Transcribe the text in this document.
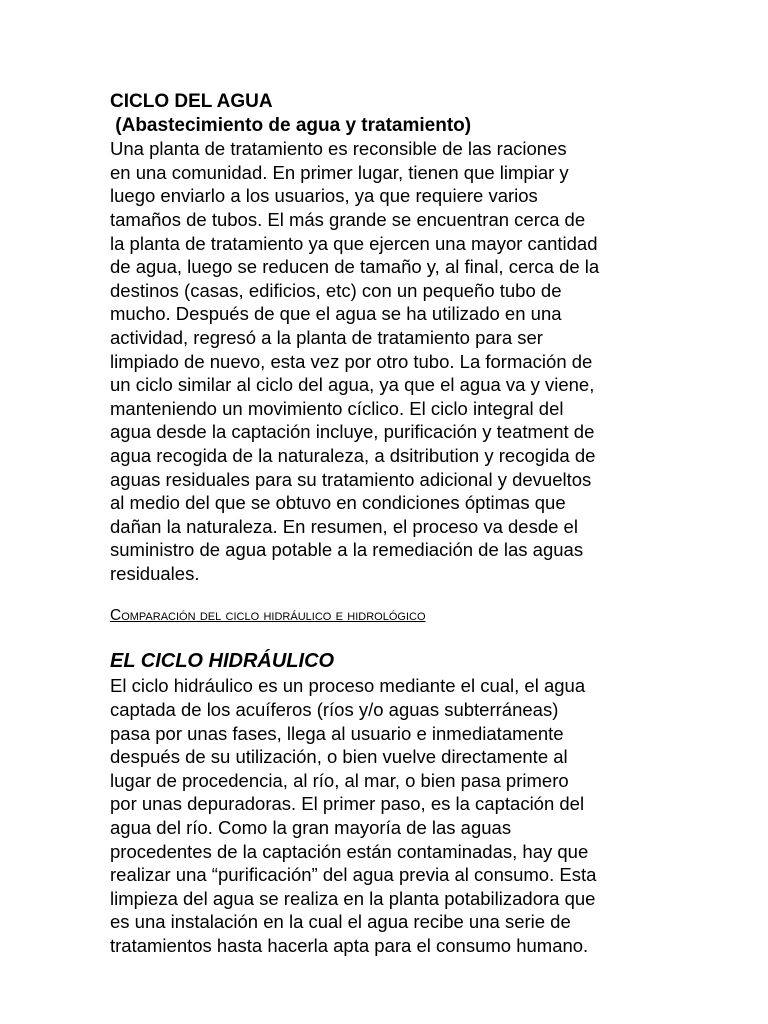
CICLO DEL AGUA
(Abastecimiento de agua y tratamiento)
Una planta de tratamiento es reconsible de las raciones
en una comunidad. En primer lugar, tienen que limpiar y
luego enviarlo a los usuarios, ya que requiere varios
tamaños de tubos. El más grande se encuentran cerca de
la planta de tratamiento ya que ejercen una mayor cantidad
de agua, luego se reducen de tamaño y, al final, cerca de la
destinos (casas, edificios, etc) con un pequeño tubo de
mucho. Después de que el agua se ha utilizado en una
actividad, regresó a la planta de tratamiento para ser
limpiado de nuevo, esta vez por otro tubo. La formación de
un ciclo similar al ciclo del agua, ya que el agua va y viene,
manteniendo un movimiento cíclico. El ciclo integral del
agua desde la captación incluye, purificación y teatment de
agua recogida de la naturaleza, a dsitribution y recogida de
aguas residuales para su tratamiento adicional y devueltos
al medio del que se obtuvo en condiciones óptimas que
dañan la naturaleza. En resumen, el proceso va desde el
suministro de agua potable a la remediación de las aguas
residuales.
Comparación del ciclo hidráulico e hidrológico
EL CICLO HIDRÁULICO
El ciclo hidráulico es un proceso mediante el cual, el agua
captada de los acuíferos (ríos y/o aguas subterráneas)
pasa por unas fases, llega al usuario e inmediatamente
después de su utilización, o bien vuelve directamente al
lugar de procedencia, al río, al mar, o bien pasa primero
por unas depuradoras. El primer paso, es la captación del
agua del río. Como la gran mayoría de las aguas
procedentes de la captación están contaminadas, hay que
realizar una “purificación” del agua previa al consumo. Esta
limpieza del agua se realiza en la planta potabilizadora que
es una instalación en la cual el agua recibe una serie de
tratamientos hasta hacerla apta para el consumo humano.
